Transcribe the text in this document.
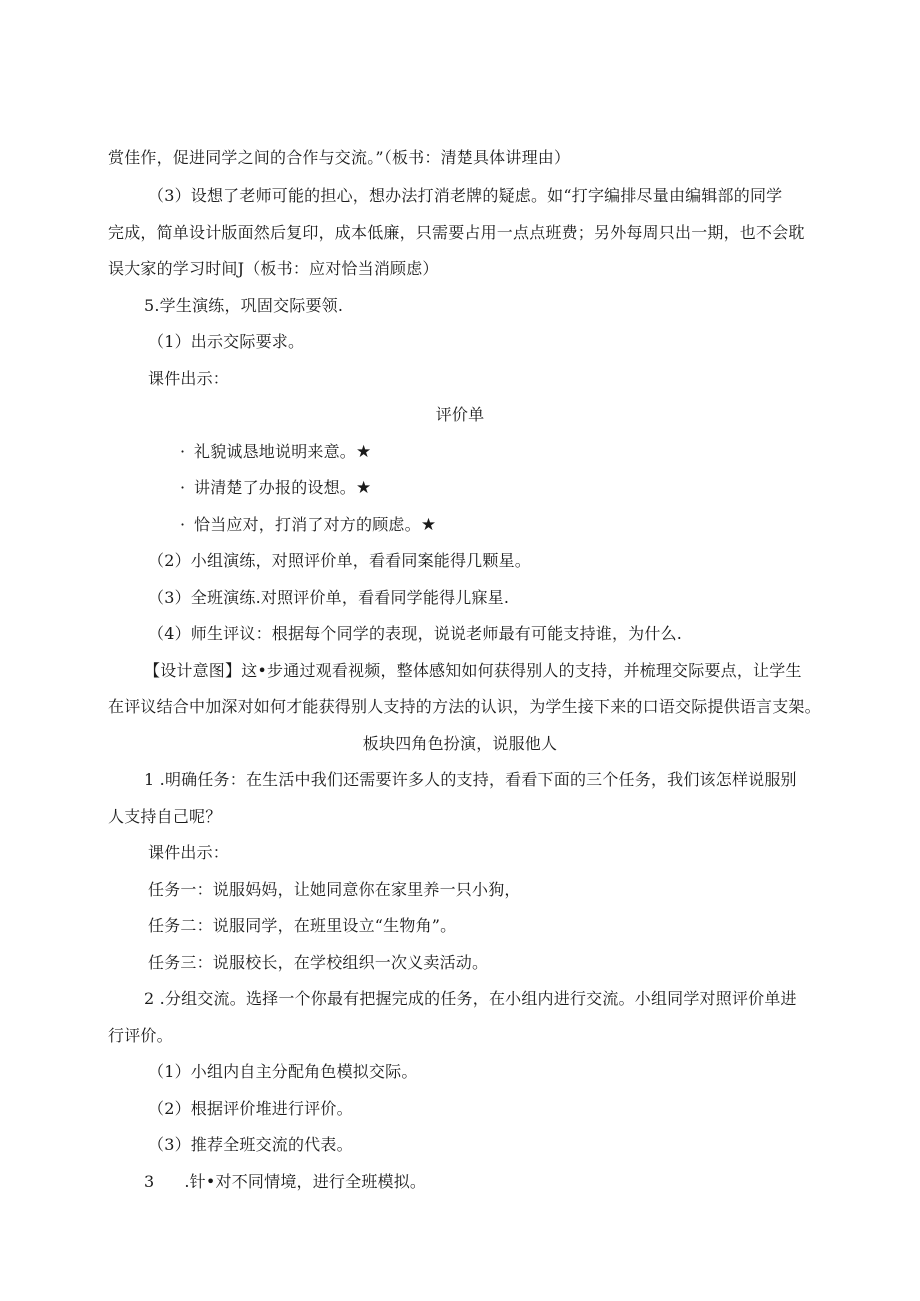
赏佳作，促进同学之间的合作与交流。”（板书：清楚具体讲理由）
（3）设想了老师可能的担心，想办法打消老牌的疑虑。如“打字编排尽量由编辑部的同学
完成，简单设计版面然后复印，成本低廉，只需要占用一点点班费；另外每周只出一期，也不会耽
误大家的学习时间J（板书：应对恰当消顾虑）
5.学生演练，巩固交际要领.
（1）出示交际要求。
课件出示：
评价单
· 礼貌诚恳地说明来意。★
· 讲清楚了办报的设想。★
· 恰当应对，打消了对方的顾虑。★
（2）小组演练，对照评价单，看看同案能得几颗星。
（3）全班演练.对照评价单，看看同学能得儿寐星.
（4）师生评议：根据每个同学的表现，说说老师最有可能支持谁，为什么.
【设计意图】这•步通过观看视频，整体感知如何获得别人的支持，并梳理交际要点，让学生
在评议结合中加深对如何才能获得别人支持的方法的认识，为学生接下来的口语交际提供语言支架。
板块四角色扮演，说服他人
1 .明确任务：在生活中我们还需要许多人的支持，看看下面的三个任务，我们该怎样说服别
人支持自己呢？
课件出示：
任务一：说服妈妈，让她同意你在家里养一只小狗，
任务二：说服同学，在班里设立“生物角”。
任务三：说服校长，在学校组织一次义卖活动。
2 .分组交流。选择一个你最有把握完成的任务，在小组内进行交流。小组同学对照评价单进
行评价。
（1）小组内自主分配角色模拟交际。
（2）根据评价堆进行评价。
（3）推荐全班交流的代表。
3 .针•对不同情境，进行全班模拟。
